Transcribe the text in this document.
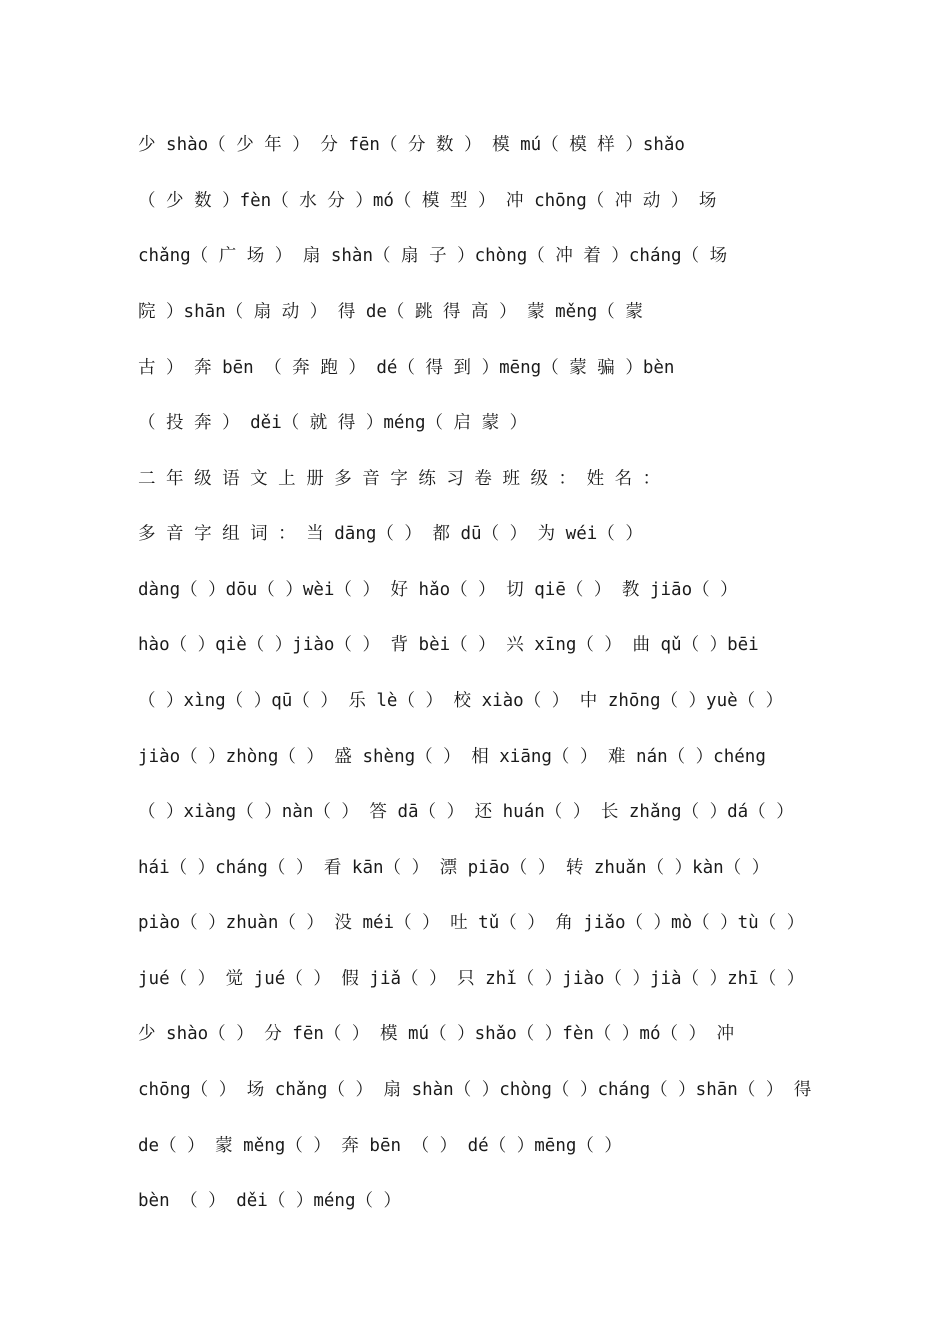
少 shào（ 少 年 ） 分 fēn（ 分 数 ） 模 mú（ 模 样 ）shǎo
（ 少 数 ）fèn（ 水 分 ）mó（ 模 型 ） 冲 chōng（ 冲 动 ） 场
chǎng（ 广 场 ） 扇 shàn（ 扇 子 ）chòng（ 冲 着 ）cháng（ 场
院 ）shān（ 扇 动 ） 得 de（ 跳 得 高 ） 蒙 měng（ 蒙
古 ） 奔 bēn （ 奔 跑 ） dé（ 得 到 ）mēng（ 蒙 骗 ）bèn
（ 投 奔 ） děi（ 就 得 ）méng（ 启 蒙 ）
二 年 级 语 文 上 册 多 音 字 练 习 卷 班 级 ： 姓 名 ：
多 音 字 组 词 ： 当 dāng（ ） 都 dū（ ） 为 wéi（ ）
dàng（ ）dōu（ ）wèi（ ） 好 hǎo（ ） 切 qiē（ ） 教 jiāo（ ）
hào（ ）qiè（ ）jiào（ ） 背 bèi（ ） 兴 xīng（ ） 曲 qǔ（ ）bēi
（ ）xìng（ ）qū（ ） 乐 lè（ ） 校 xiào（ ） 中 zhōng（ ）yuè（ ）
jiào（ ）zhòng（ ） 盛 shèng（ ） 相 xiāng（ ） 难 nán（ ）chéng
（ ）xiàng（ ）nàn（ ） 答 dā（ ） 还 huán（ ） 长 zhǎng（ ）dá（ ）
hái（ ）cháng（ ） 看 kān（ ） 漂 piāo（ ） 转 zhuǎn（ ）kàn（ ）
piào（ ）zhuàn（ ） 没 méi（ ） 吐 tǔ（ ） 角 jiǎo（ ）mò（ ）tù（ ）
jué（ ） 觉 jué（ ） 假 jiǎ（ ） 只 zhǐ（ ）jiào（ ）jià（ ）zhī（ ）
少 shào（ ） 分 fēn（ ） 模 mú（ ）shǎo（ ）fèn（ ）mó（ ） 冲
chōng（ ） 场 chǎng（ ） 扇 shàn（ ）chòng（ ）cháng（ ）shān（ ） 得
de（ ） 蒙 měng（ ） 奔 bēn （ ） dé（ ）mēng（ ）
bèn （ ） děi（ ）méng（ ）
